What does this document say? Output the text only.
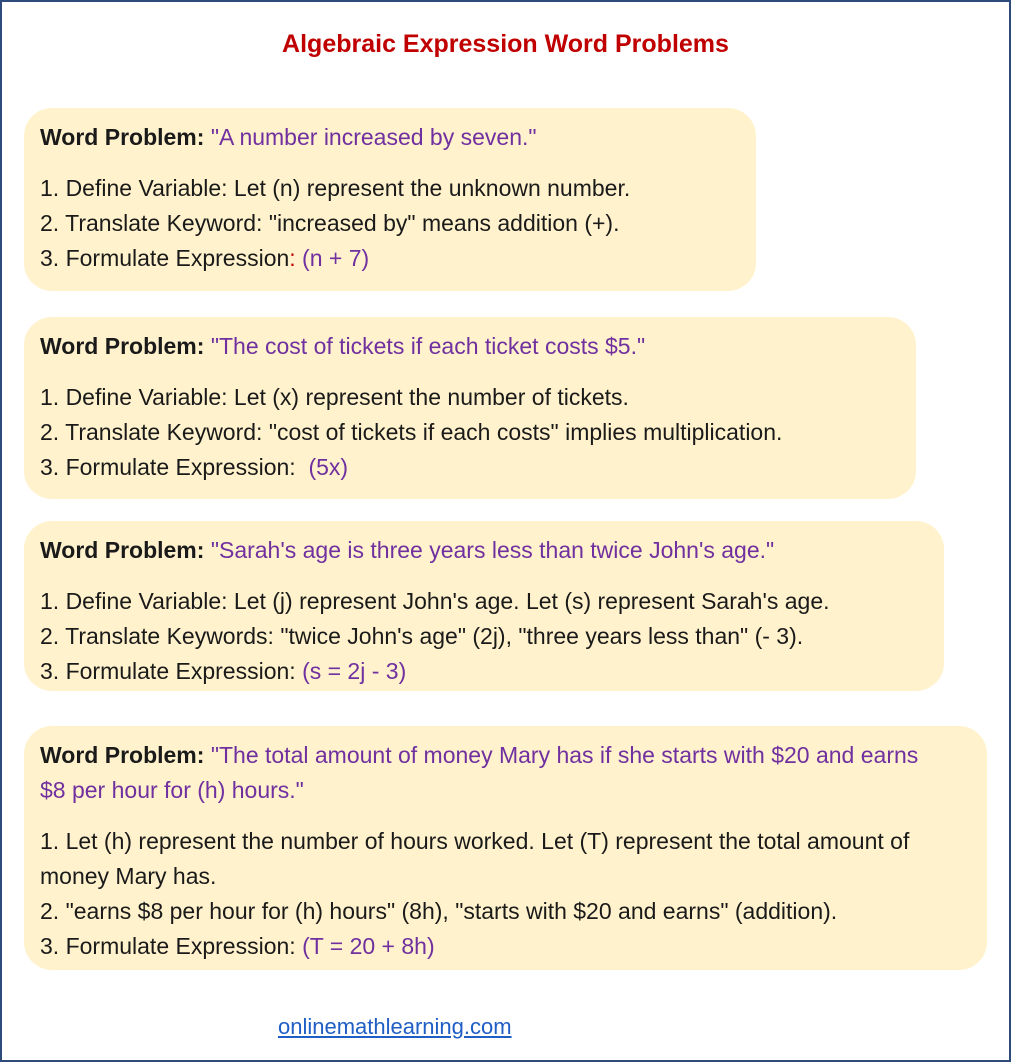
Algebraic Expression Word Problems
Word Problem: "A number increased by seven."
1. Define Variable: Let (n) represent the unknown number.
2. Translate Keyword: "increased by" means addition (+).
3. Formulate Expression: (n + 7)
Word Problem: "The cost of tickets if each ticket costs $5."
1. Define Variable: Let (x) represent the number of tickets.
2. Translate Keyword: "cost of tickets if each costs" implies multiplication.
3. Formulate Expression:  (5x)
Word Problem: "Sarah's age is three years less than twice John's age."
1. Define Variable: Let (j) represent John's age. Let (s) represent Sarah's age.
2. Translate Keywords: "twice John's age" (2j), "three years less than" (- 3).
3. Formulate Expression: (s = 2j - 3)
Word Problem: "The total amount of money Mary has if she starts with $20 and earns $8 per hour for (h) hours."
1. Let (h) represent the number of hours worked. Let (T) represent the total amount of money Mary has.
2. "earns $8 per hour for (h) hours" (8h), "starts with $20 and earns" (addition).
3. Formulate Expression: (T = 20 + 8h)
onlinemathlearning.com
